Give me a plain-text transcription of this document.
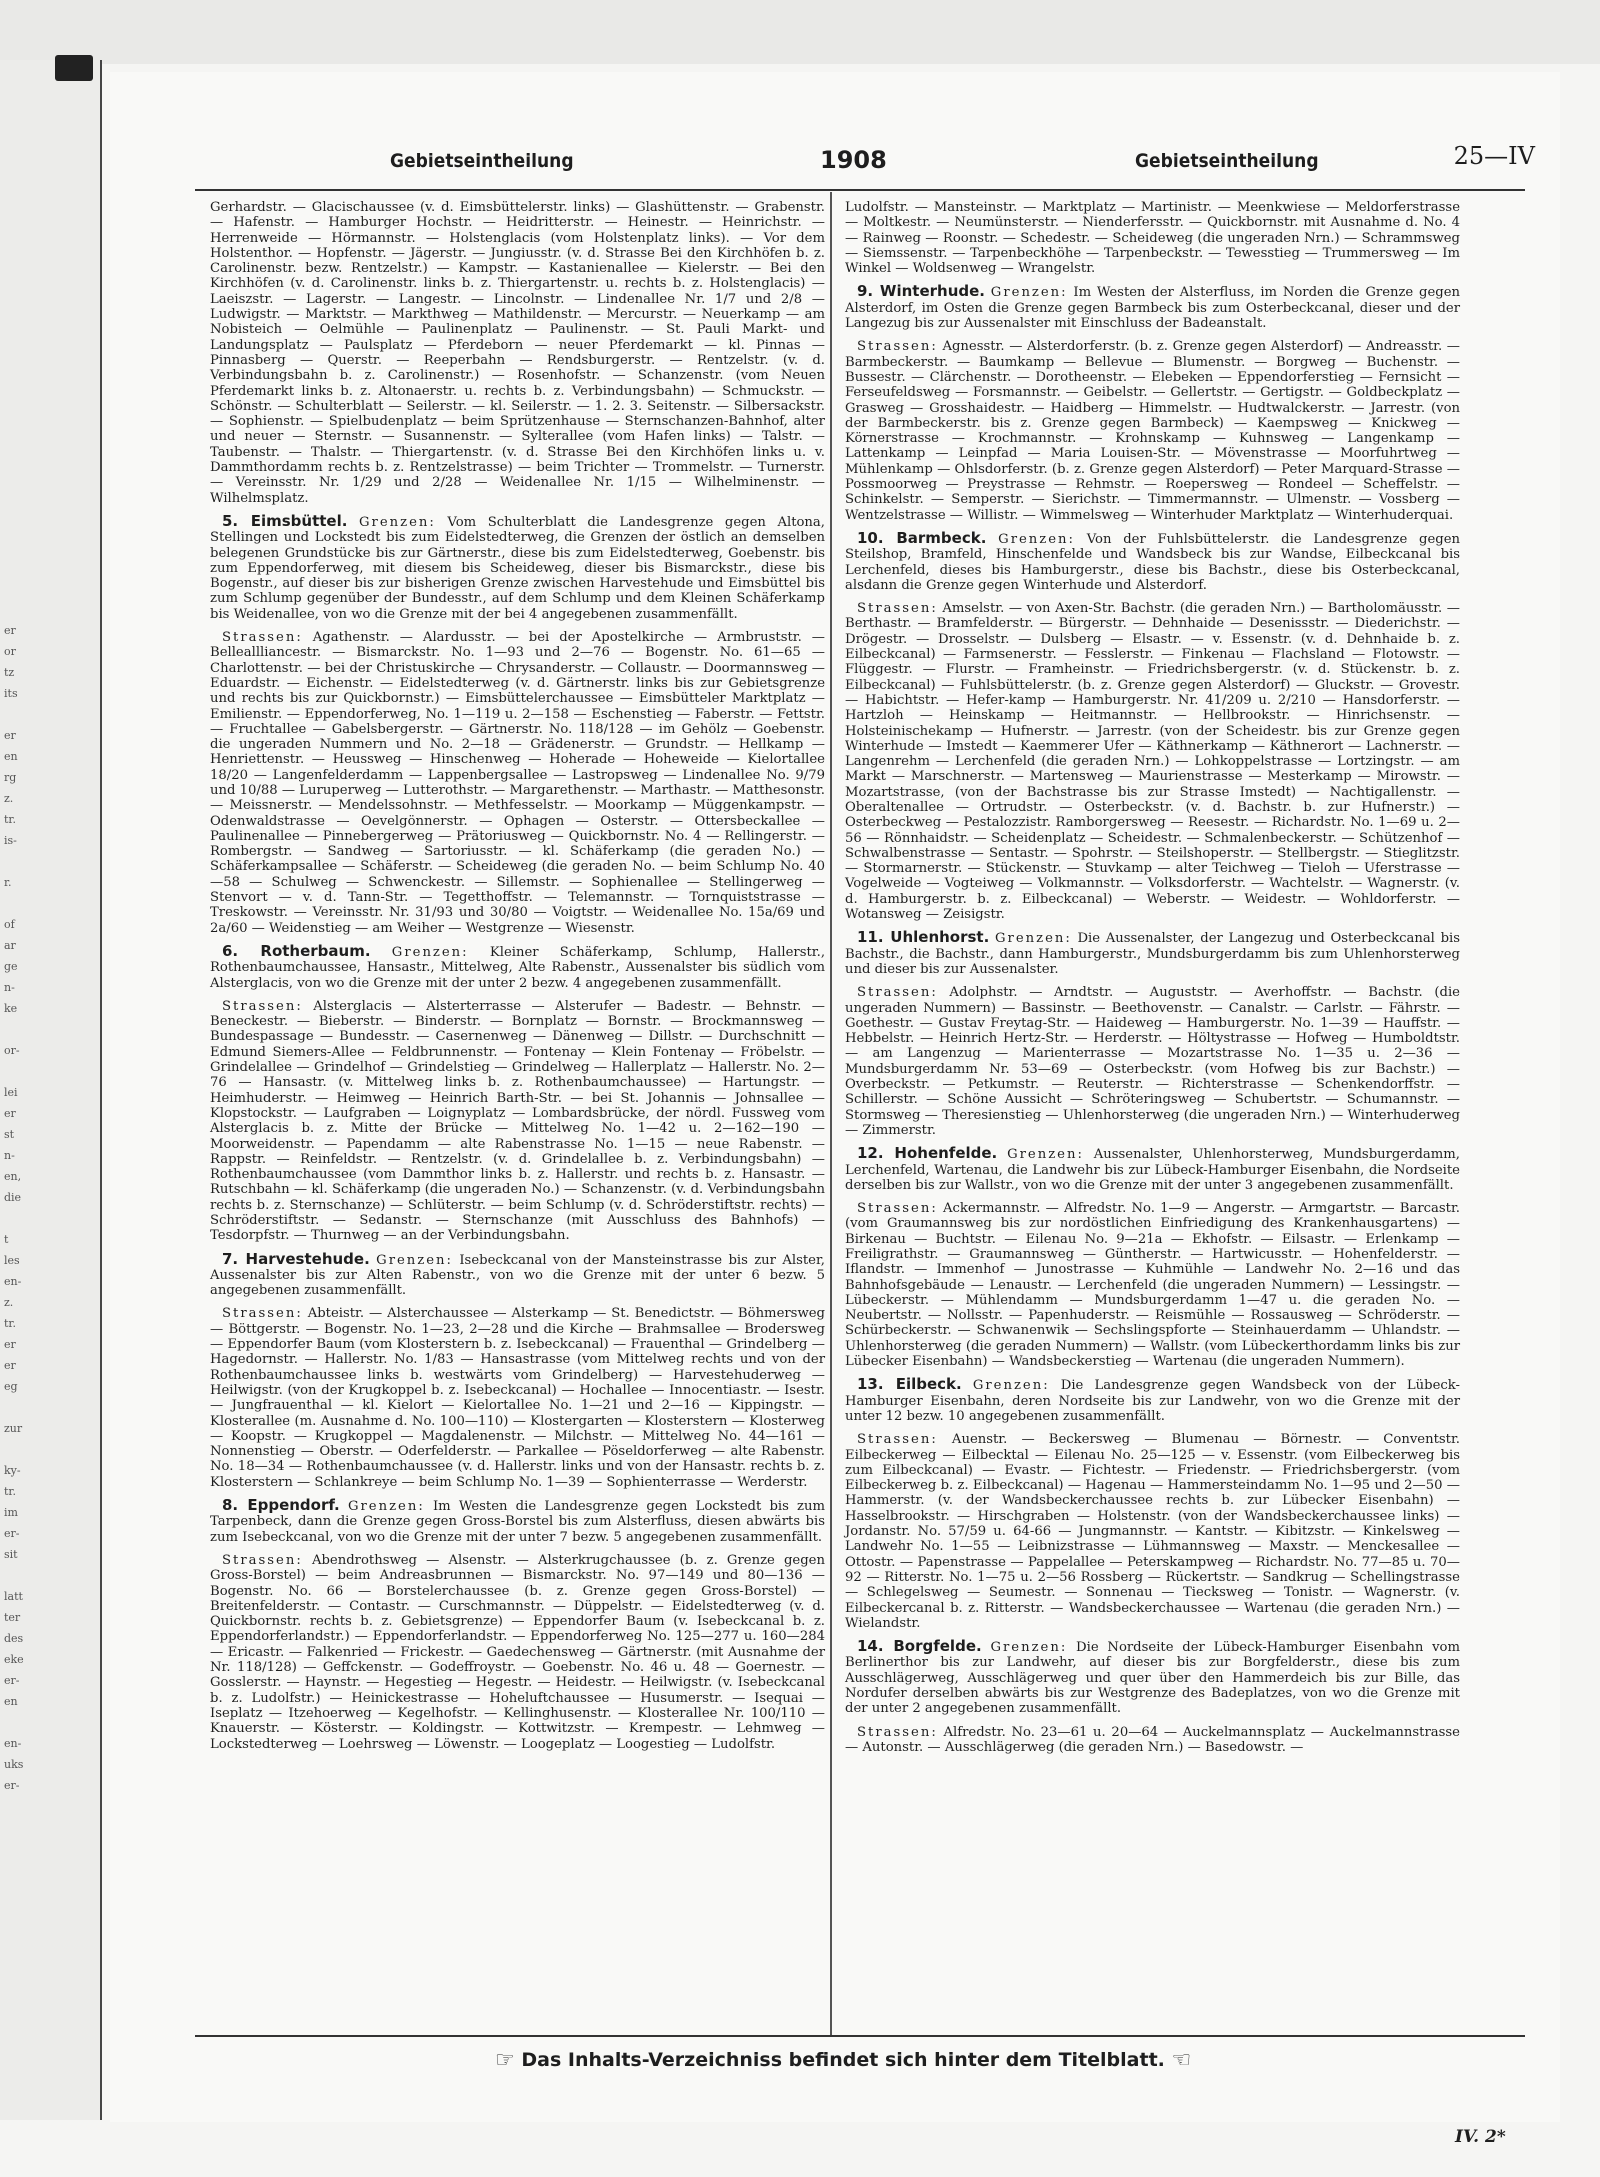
er
or
tz
its

er
en
rg
z.
tr.
is-

r.

of
ar
ge
n-
ke

or-

lei
er
st
n-
en,
die

t
les
en-
z.
tr.
er
er
eg

zur

ky-
tr.
im
er-
sit

latt
ter
des
eke
er-
en

en-
uks
er-
Gebietseintheilung	1908	Gebietseintheilung	25—IV

Gerhardstr. — Glacischaussee (v. d. Eimsbüttelerstr. links) — Glashüttenstr. — Grabenstr. — Hafenstr. — Hamburger Hochstr. — Heidritterstr. — Heinestr. — Heinrichstr. — Herrenweide — Hörmannstr. — Holstenglacis (vom Holstenplatz links). — Vor dem Holstenthor. — Hopfenstr. — Jägerstr. — Jungiusstr. (v. d. Strasse Bei den Kirchhöfen b. z. Carolinenstr. bezw. Rentzelstr.) — Kampstr. — Kastanienallee — Kielerstr. — Bei den Kirchhöfen (v. d. Carolinenstr. links b. z. Thiergartenstr. u. rechts b. z. Holstenglacis) — Laeiszstr. — Lagerstr. — Langestr. — Lincolnstr. — Lindenallee Nr. 1/7 und 2/8 — Ludwigstr. — Marktstr. — Markthweg — Mathildenstr. — Mercurstr. — Neuerkamp — am Nobisteich — Oelmühle — Paulinenplatz — Paulinenstr. — St. Pauli Markt- und Landungsplatz — Paulsplatz — Pferdeborn — neuer Pferdemarkt — kl. Pinnas — Pinnasberg — Querstr. — Reeperbahn — Rendsburgerstr. — Rentzelstr. (v. d. Verbindungsbahn b. z. Carolinenstr.) — Rosenhofstr. — Schanzenstr. (vom Neuen Pferdemarkt links b. z. Altonaerstr. u. rechts b. z. Verbindungsbahn) — Schmuckstr. — Schönstr. — Schulterblatt — Seilerstr. — kl. Seilerstr. — 1. 2. 3. Seitenstr. — Silbersackstr. — Sophienstr. — Spielbudenplatz — beim Sprützenhause — Sternschanzen-Bahnhof, alter und neuer — Sternstr. — Susannenstr. — Sylterallee (vom Hafen links) — Talstr. — Taubenstr. — Thalstr. — Thiergartenstr. (v. d. Strasse Bei den Kirchhöfen links u. v. Dammthordamm rechts b. z. Rentzelstrasse) — beim Trichter — Trommelstr. — Turnerstr. — Vereinsstr. Nr. 1/29 und 2/28 — Weidenallee Nr. 1/15 — Wilhelminenstr. — Wilhelmsplatz.

5. Eimsbüttel. Grenzen: Vom Schulterblatt die Landesgrenze gegen Altona, Stellingen und Lockstedt bis zum Eidelstedterweg, die Grenzen der östlich an demselben belegenen Grundstücke bis zur Gärtnerstr., diese bis zum Eidelstedterweg, Goebenstr. bis zum Eppendorferweg, mit diesem bis Scheideweg, dieser bis Bismarckstr., diese bis Bogenstr., auf dieser bis zur bisherigen Grenze zwischen Harvestehude und Eimsbüttel bis zum Schlump gegenüber der Bundesstr., auf dem Schlump und dem Kleinen Schäferkamp bis Weidenallee, von wo die Grenze mit der bei 4 angegebenen zusammenfällt.

Strassen: Agathenstr. — Alardusstr. — bei der Apostelkirche — Armbruststr. — Belleallliancestr. — Bismarckstr. No. 1—93 und 2—76 — Bogenstr. No. 61—65 — Charlottenstr. — bei der Christuskirche — Chrysanderstr. — Collaustr. — Doormannsweg — Eduardstr. — Eichenstr. — Eidelstedterweg (v. d. Gärtnerstr. links bis zur Gebietsgrenze und rechts bis zur Quickbornstr.) — Eimsbüttelerchaussee — Eimsbütteler Marktplatz — Emilienstr. — Eppendorferweg, No. 1—119 u. 2—158 — Eschenstieg — Faberstr. — Fettstr. — Fruchtallee — Gabelsbergerstr. — Gärtnerstr. No. 118/128 — im Gehölz — Goebenstr. die ungeraden Nummern und No. 2—18 — Grädenerstr. — Grundstr. — Hellkamp — Henriettenstr. — Heussweg — Hinschenweg — Hoherade — Hoheweide — Kielortallee 18/20 — Langenfelderdamm — Lappenbergsallee — Lastropsweg — Lindenallee No. 9/79 und 10/88 — Luruperweg — Lutterothstr. — Margarethenstr. — Marthastr. — Matthesonstr. — Meissnerstr. — Mendelssohnstr. — Methfesselstr. — Moorkamp — Müggenkampstr. — Odenwaldstrasse — Oevelgönnerstr. — Ophagen — Osterstr. — Ottersbeckallee — Paulinenallee — Pinnebergerweg — Prätoriusweg — Quickbornstr. No. 4 — Rellingerstr. — Rombergstr. — Sandweg — Sartoriusstr. — kl. Schäferkamp (die geraden No.) — Schäferkampsallee — Schäferstr. — Scheideweg (die geraden No. — beim Schlump No. 40—58 — Schulweg — Schwenckestr. — Sillemstr. — Sophienallee — Stellingerweg — Stenvort — v. d. Tann-Str. — Tegetthoffstr. — Telemannstr. — Tornquiststrasse — Treskowstr. — Vereinsstr. Nr. 31/93 und 30/80 — Voigtstr. — Weidenallee No. 15a/69 und 2a/60 — Weidenstieg — am Weiher — Westgrenze — Wiesenstr.

6. Rotherbaum. Grenzen: Kleiner Schäferkamp, Schlump, Hallerstr., Rothenbaumchaussee, Hansastr., Mittelweg, Alte Rabenstr., Aussenalster bis südlich vom Alsterglacis, von wo die Grenze mit der unter 2 bezw. 4 angegebenen zusammenfällt.

Strassen: Alsterglacis — Alsterterrasse — Alsterufer — Badestr. — Behnstr. — Beneckestr. — Bieberstr. — Binderstr. — Bornplatz — Bornstr. — Brockmannsweg — Bundespassage — Bundesstr. — Casernenweg — Dänenweg — Dillstr. — Durchschnitt — Edmund Siemers-Allee — Feldbrunnenstr. — Fontenay — Klein Fontenay — Fröbelstr. — Grindelallee — Grindelhof — Grindelstieg — Grindelweg — Hallerplatz — Hallerstr. No. 2—76 — Hansastr. (v. Mittelweg links b. z. Rothenbaumchaussee) — Hartungstr. — Heimhuderstr. — Heimweg — Heinrich Barth-Str. — bei St. Johannis — Johnsallee — Klopstockstr. — Laufgraben — Loignyplatz — Lombardsbrücke, der nördl. Fussweg vom Alsterglacis b. z. Mitte der Brücke — Mittelweg No. 1—42 u. 2—162—190 — Moorweidenstr. — Papendamm — alte Rabenstrasse No. 1—15 — neue Rabenstr. — Rappstr. — Reinfeldstr. — Rentzelstr. (v. d. Grindelallee b. z. Verbindungsbahn) — Rothenbaumchaussee (vom Dammthor links b. z. Hallerstr. und rechts b. z. Hansastr. — Rutschbahn — kl. Schäferkamp (die ungeraden No.) — Schanzenstr. (v. d. Verbindungsbahn rechts b. z. Sternschanze) — Schlüterstr. — beim Schlump (v. d. Schröderstiftstr. rechts) — Schröderstiftstr. — Sedanstr. — Sternschanze (mit Ausschluss des Bahnhofs) — Tesdorpfstr. — Thurnweg — an der Verbindungsbahn.

7. Harvestehude. Grenzen: Isebeckcanal von der Mansteinstrasse bis zur Alster, Aussenalster bis zur Alten Rabenstr., von wo die Grenze mit der unter 6 bezw. 5 angegebenen zusammenfällt.

Strassen: Abteistr. — Alsterchaussee — Alsterkamp — St. Benedictstr. — Böhmersweg — Böttgerstr. — Bogenstr. No. 1—23, 2—28 und die Kirche — Brahmsallee — Brodersweg — Eppendorfer Baum (vom Klosterstern b. z. Isebeckcanal) — Frauenthal — Grindelberg — Hagedornstr. — Hallerstr. No. 1/83 — Hansastrasse (vom Mittelweg rechts und von der Rothenbaumchaussee links b. westwärts vom Grindelberg) — Harvestehuderweg — Heilwigstr. (von der Krugkoppel b. z. Isebeckcanal) — Hochallee — Innocentiastr. — Isestr. — Jungfrauenthal — kl. Kielort — Kielortallee No. 1—21 und 2—16 — Kippingstr. — Klosterallee (m. Ausnahme d. No. 100—110) — Klostergarten — Klosterstern — Klosterweg — Koopstr. — Krugkoppel — Magdalenenstr. — Milchstr. — Mittelweg No. 44—161 — Nonnenstieg — Oberstr. — Oderfelderstr. — Parkallee — Pöseldorferweg — alte Rabenstr. No. 18—34 — Rothenbaumchaussee (v. d. Hallerstr. links und von der Hansastr. rechts b. z. Klosterstern — Schlankreye — beim Schlump No. 1—39 — Sophienterrasse — Werderstr.

8. Eppendorf. Grenzen: Im Westen die Landesgrenze gegen Lockstedt bis zum Tarpenbeck, dann die Grenze gegen Gross-Borstel bis zum Alsterfluss, diesen abwärts bis zum Isebeckcanal, von wo die Grenze mit der unter 7 bezw. 5 angegebenen zusammenfällt.

Strassen: Abendrothsweg — Alsenstr. — Alsterkrugchaussee (b. z. Grenze gegen Gross-Borstel) — beim Andreasbrunnen — Bismarckstr. No. 97—149 und 80—136 — Bogenstr. No. 66 — Borstelerchaussee (b. z. Grenze gegen Gross-Borstel) — Breitenfelderstr. — Contastr. — Curschmannstr. — Düppelstr. — Eidelstedterweg (v. d. Quickbornstr. rechts b. z. Gebietsgrenze) — Eppendorfer Baum (v. Isebeckcanal b. z. Eppendorferlandstr.) — Eppendorferlandstr. — Eppendorferweg No. 125—277 u. 160—284 — Ericastr. — Falkenried — Frickestr. — Gaedechensweg — Gärtnerstr. (mit Ausnahme der Nr. 118/128) — Geffckenstr. — Godeffroystr. — Goebenstr. No. 46 u. 48 — Goernestr. — Gosslerstr. — Haynstr. — Hegestieg — Hegestr. — Heidestr. — Heilwigstr. (v. Isebeckcanal b. z. Ludolfstr.) — Heinickestrasse — Hoheluftchaussee — Husumerstr. — Isequai — Iseplatz — Itzehoerweg — Kegelhofstr. — Kellinghusenstr. — Klosterallee Nr. 100/110 — Knauerstr. — Kösterstr. — Koldingstr. — Kottwitzstr. — Krempestr. — Lehmweg — Lockstedterweg — Loehrsweg — Löwenstr. — Loogeplatz — Loogestieg — Ludolfstr.

Ludolfstr. — Mansteinstr. — Marktplatz — Martinistr. — Meenkwiese — Meldorferstrasse — Moltkestr. — Neumünsterstr. — Nienderfersstr. — Quickbornstr. mit Ausnahme d. No. 4 — Rainweg — Roonstr. — Schedestr. — Scheideweg (die ungeraden Nrn.) — Schrammsweg — Siemssenstr. — Tarpenbeckhöhe — Tarpenbeckstr. — Tewesstieg — Trummersweg — Im Winkel — Woldsenweg — Wrangelstr.

9. Winterhude. Grenzen: Im Westen der Alsterfluss, im Norden die Grenze gegen Alsterdorf, im Osten die Grenze gegen Barmbeck bis zum Osterbeckcanal, dieser und der Langezug bis zur Aussenalster mit Einschluss der Badeanstalt.

Strassen: Agnesstr. — Alsterdorferstr. (b. z. Grenze gegen Alsterdorf) — Andreasstr. — Barmbeckerstr. — Baumkamp — Bellevue — Blumenstr. — Borgweg — Buchenstr. — Bussestr. — Clärchenstr. — Dorotheenstr. — Elebeken — Eppendorferstieg — Fernsicht — Ferseufeldsweg — Forsmannstr. — Geibelstr. — Gellertstr. — Gertigstr. — Goldbeckplatz — Grasweg — Grosshaidestr. — Haidberg — Himmelstr. — Hudtwalckerstr. — Jarrestr. (von der Barmbeckerstr. bis z. Grenze gegen Barmbeck) — Kaempsweg — Knickweg — Körnerstrasse — Krochmannstr. — Krohnskamp — Kuhnsweg — Langenkamp — Lattenkamp — Leinpfad — Maria Louisen-Str. — Mövenstrasse — Moorfuhrtweg — Mühlenkamp — Ohlsdorferstr. (b. z. Grenze gegen Alsterdorf) — Peter Marquard-Strasse — Possmoorweg — Preystrasse — Rehmstr. — Roepersweg — Rondeel — Scheffelstr. — Schinkelstr. — Semperstr. — Sierichstr. — Timmermannstr. — Ulmenstr. — Vossberg — Wentzelstrasse — Willistr. — Wimmelsweg — Winterhuder Marktplatz — Winterhuderquai.

10. Barmbeck. Grenzen: Von der Fuhlsbüttelerstr. die Landesgrenze gegen Steilshop, Bramfeld, Hinschenfelde und Wandsbeck bis zur Wandse, Eilbeckcanal bis Lerchenfeld, dieses bis Hamburgerstr., diese bis Bachstr., diese bis Osterbeckcanal, alsdann die Grenze gegen Winterhude und Alsterdorf.

Strassen: Amselstr. — von Axen-Str. Bachstr. (die geraden Nrn.) — Bartholomäusstr. — Berthastr. — Bramfelderstr. — Bürgerstr. — Dehnhaide — Desenissstr. — Diederichstr. — Drögestr. — Drosselstr. — Dulsberg — Elsastr. — v. Essenstr. (v. d. Dehnhaide b. z. Eilbeckcanal) — Farmsenerstr. — Fesslerstr. — Finkenau — Flachsland — Flotowstr. — Flüggestr. — Flurstr. — Framheinstr. — Friedrichsbergerstr. (v. d. Stückenstr. b. z. Eilbeckcanal) — Fuhlsbüttelerstr. (b. z. Grenze gegen Alsterdorf) — Gluckstr. — Grovestr. — Habichtstr. — Hefer-kamp — Hamburgerstr. Nr. 41/209 u. 2/210 — Hansdorferstr. — Hartzloh — Heinskamp — Heitmannstr. — Hellbrookstr. — Hinrichsenstr. — Holsteinischekamp — Hufnerstr. — Jarrestr. (von der Scheidestr. bis zur Grenze gegen Winterhude — Imstedt — Kaemmerer Ufer — Käthnerkamp — Käthnerort — Lachnerstr. — Langenrehm — Lerchenfeld (die geraden Nrn.) — Lohkoppelstrasse — Lortzingstr. — am Markt — Marschnerstr. — Martensweg — Maurienstrasse — Mesterkamp — Mirowstr. — Mozartstrasse, (von der Bachstrasse bis zur Strasse Imstedt) — Nachtigallenstr. — Oberaltenallee — Ortrudstr. — Osterbeckstr. (v. d. Bachstr. b. zur Hufnerstr.) — Osterbeckweg — Pestalozzistr. Ramborgersweg — Reesestr. — Richardstr. No. 1—69 u. 2—56 — Rönnhaidstr. — Scheidenplatz — Scheidestr. — Schmalenbeckerstr. — Schützenhof — Schwalbenstrasse — Sentastr. — Spohrstr. — Steilshoperstr. — Stellbergstr. — Stieglitzstr. — Stormarnerstr. — Stückenstr. — Stuvkamp — alter Teichweg — Tieloh — Uferstrasse — Vogelweide — Vogteiweg — Volkmannstr. — Volksdorferstr. — Wachtelstr. — Wagnerstr. (v. d. Hamburgerstr. b. z. Eilbeckcanal) — Weberstr. — Weidestr. — Wohldorferstr. — Wotansweg — Zeisigstr.

11. Uhlenhorst. Grenzen: Die Aussenalster, der Langezug und Osterbeckcanal bis Bachstr., die Bachstr., dann Hamburgerstr., Mundsburgerdamm bis zum Uhlenhorsterweg und dieser bis zur Aussenalster.

Strassen: Adolphstr. — Arndtstr. — Auguststr. — Averhoffstr. — Bachstr. (die ungeraden Nummern) — Bassinstr. — Beethovenstr. — Canalstr. — Carlstr. — Fährstr. — Goethestr. — Gustav Freytag-Str. — Haideweg — Hamburgerstr. No. 1—39 — Hauffstr. — Hebbelstr. — Heinrich Hertz-Str. — Herderstr. — Höltystrasse — Hofweg — Humboldtstr. — am Langenzug — Marienterrasse — Mozartstrasse No. 1—35 u. 2—36 — Mundsburgerdamm Nr. 53—69 — Osterbeckstr. (vom Hofweg bis zur Bachstr.) — Overbeckstr. — Petkumstr. — Reuterstr. — Richterstrasse — Schenkendorffstr. — Schillerstr. — Schöne Aussicht — Schröteringsweg — Schubertstr. — Schumannstr. — Stormsweg — Theresienstieg — Uhlenhorsterweg (die ungeraden Nrn.) — Winterhuderweg — Zimmerstr.

12. Hohenfelde. Grenzen: Aussenalster, Uhlenhorsterweg, Mundsburgerdamm, Lerchenfeld, Wartenau, die Landwehr bis zur Lübeck-Hamburger Eisenbahn, die Nordseite derselben bis zur Wallstr., von wo die Grenze mit der unter 3 angegebenen zusammenfällt.

Strassen: Ackermannstr. — Alfredstr. No. 1—9 — Angerstr. — Armgartstr. — Barcastr. (vom Graumannsweg bis zur nordöstlichen Einfriedigung des Krankenhausgartens) — Birkenau — Buchtstr. — Eilenau No. 9—21a — Ekhofstr. — Eilsastr. — Erlenkamp — Freiligrathstr. — Graumannsweg — Güntherstr. — Hartwicusstr. — Hohenfelderstr. — Iflandstr. — Immenhof — Junostrasse — Kuhmühle — Landwehr No. 2—16 und das Bahnhofsgebäude — Lenaustr. — Lerchenfeld (die ungeraden Nummern) — Lessingstr. — Lübeckerstr. — Mühlendamm — Mundsburgerdamm 1—47 u. die geraden No. — Neubertstr. — Nollsstr. — Papenhuderstr. — Reismühle — Rossausweg — Schröderstr. — Schürbeckerstr. — Schwanenwik — Sechslingspforte — Steinhauerdamm — Uhlandstr. — Uhlenhorsterweg (die geraden Nummern) — Wallstr. (vom Lübeckerthordamm links bis zur Lübecker Eisenbahn) — Wandsbeckerstieg — Wartenau (die ungeraden Nummern).

13. Eilbeck. Grenzen: Die Landesgrenze gegen Wandsbeck von der Lübeck-Hamburger Eisenbahn, deren Nordseite bis zur Landwehr, von wo die Grenze mit der unter 12 bezw. 10 angegebenen zusammenfällt.

Strassen: Auenstr. — Beckersweg — Blumenau — Börnestr. — Conventstr. Eilbeckerweg — Eilbecktal — Eilenau No. 25—125 — v. Essenstr. (vom Eilbeckerweg bis zum Eilbeckcanal) — Evastr. — Fichtestr. — Friedenstr. — Friedrichsbergerstr. (vom Eilbeckerweg b. z. Eilbeckcanal) — Hagenau — Hammersteindamm No. 1—95 und 2—50 — Hammerstr. (v. der Wandsbeckerchaussee rechts b. zur Lübecker Eisenbahn) — Hasselbrookstr. — Hirschgraben — Holstenstr. (von der Wandsbeckerchaussee links) — Jordanstr. No. 57/59 u. 64-66 — Jungmannstr. — Kantstr. — Kibitzstr. — Kinkelsweg — Landwehr No. 1—55 — Leibnizstrasse — Lühmannsweg — Maxstr. — Menckesallee — Ottostr. — Papenstrasse — Pappelallee — Peterskampweg — Richardstr. No. 77—85 u. 70—92 — Ritterstr. No. 1—75 u. 2—56 Rossberg — Rückertstr. — Sandkrug — Schellingstrasse — Schlegelsweg — Seumestr. — Sonnenau — Tiecksweg — Tonistr. — Wagnerstr. (v. Eilbeckercanal b. z. Ritterstr. — Wandsbeckerchaussee — Wartenau (die geraden Nrn.) — Wielandstr.

14. Borgfelde. Grenzen: Die Nordseite der Lübeck-Hamburger Eisenbahn vom Berlinerthor bis zur Landwehr, auf dieser bis zur Borgfelderstr., diese bis zum Ausschlägerweg, Ausschlägerweg und quer über den Hammerdeich bis zur Bille, das Nordufer derselben abwärts bis zur Westgrenze des Badeplatzes, von wo die Grenze mit der unter 2 angegebenen zusammenfällt.

Strassen: Alfredstr. No. 23—61 u. 20—64 — Auckelmannsplatz — Auckelmannstrasse — Autonstr. — Ausschlägerweg (die geraden Nrn.) — Basedowstr. —

☞ Das Inhalts-Verzeichniss befindet sich hinter dem Titelblatt. ☜
IV. 2*
